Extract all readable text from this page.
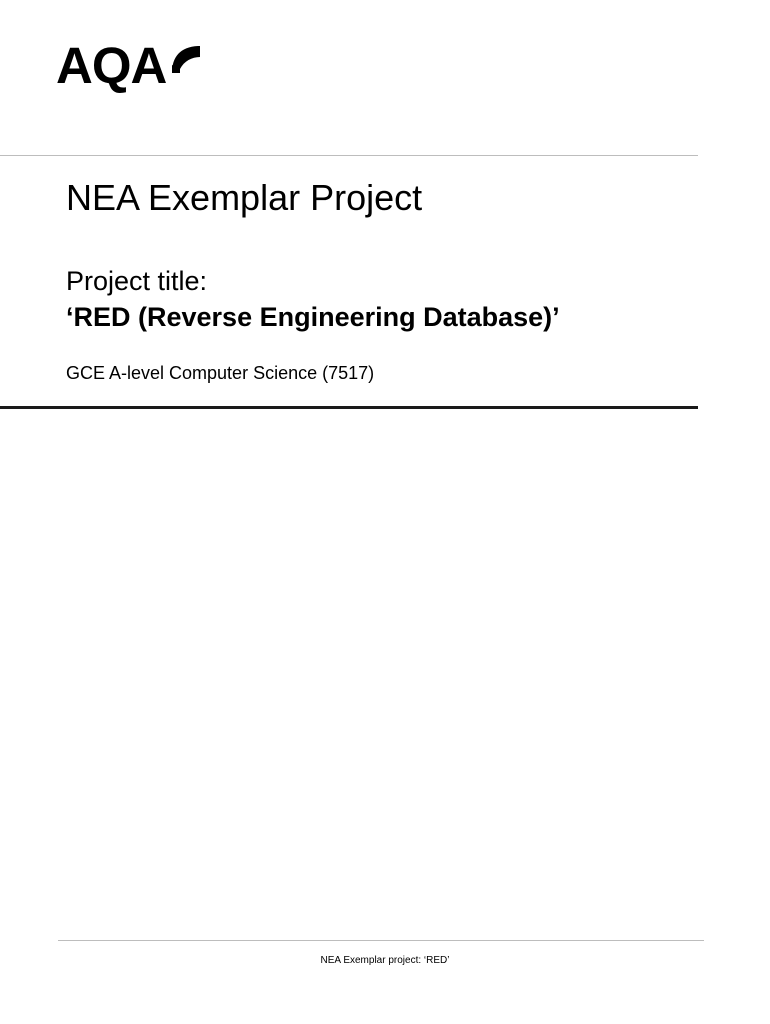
AQA
NEA Exemplar Project
Project title:
‘RED (Reverse Engineering Database)’
GCE A-level Computer Science (7517)
NEA Exemplar project: ‘RED’
